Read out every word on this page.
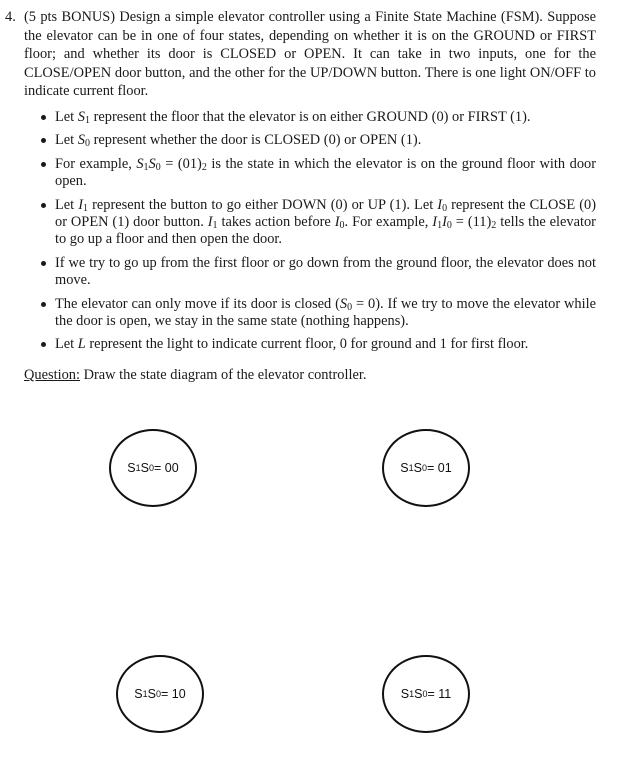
4. (5 pts BONUS) Design a simple elevator controller using a Finite State Machine (FSM). Suppose the elevator can be in one of four states, depending on whether it is on the GROUND or FIRST floor; and whether its door is CLOSED or OPEN. It can take in two inputs, one for the CLOSE/OPEN door button, and the other for the UP/DOWN button. There is one light ON/OFF to indicate current floor.

Let $S_1$ represent the floor that the elevator is on either GROUND (0) or FIRST (1).
Let $S_0$ represent whether the door is CLOSED (0) or OPEN (1).
For example, $S_1S_0 = (01)_2$ is the state in which the elevator is on the ground floor with door open.
Let $I_1$ represent the button to go either DOWN (0) or UP (1). Let $I_0$ represent the CLOSE (0) or OPEN (1) door button. $I_1$ takes action before $I_0$. For example, $I_1I_0 = (11)_2$ tells the elevator to go up a floor and then open the door.
If we try to go up from the first floor or go down from the ground floor, the elevator does not move.
The elevator can only move if its door is closed $(S_0 = 0)$. If we try to move the elevator while the door is open, we stay in the same state (nothing happens).
Let L represent the light to indicate current floor, 0 for ground and 1 for first floor.

Question: Draw the state diagram of the elevator controller.

S 1 S 0 = 00	S 1 S 0 = 01
S 1 S 0 = 10	S 1 S 0 = 11
